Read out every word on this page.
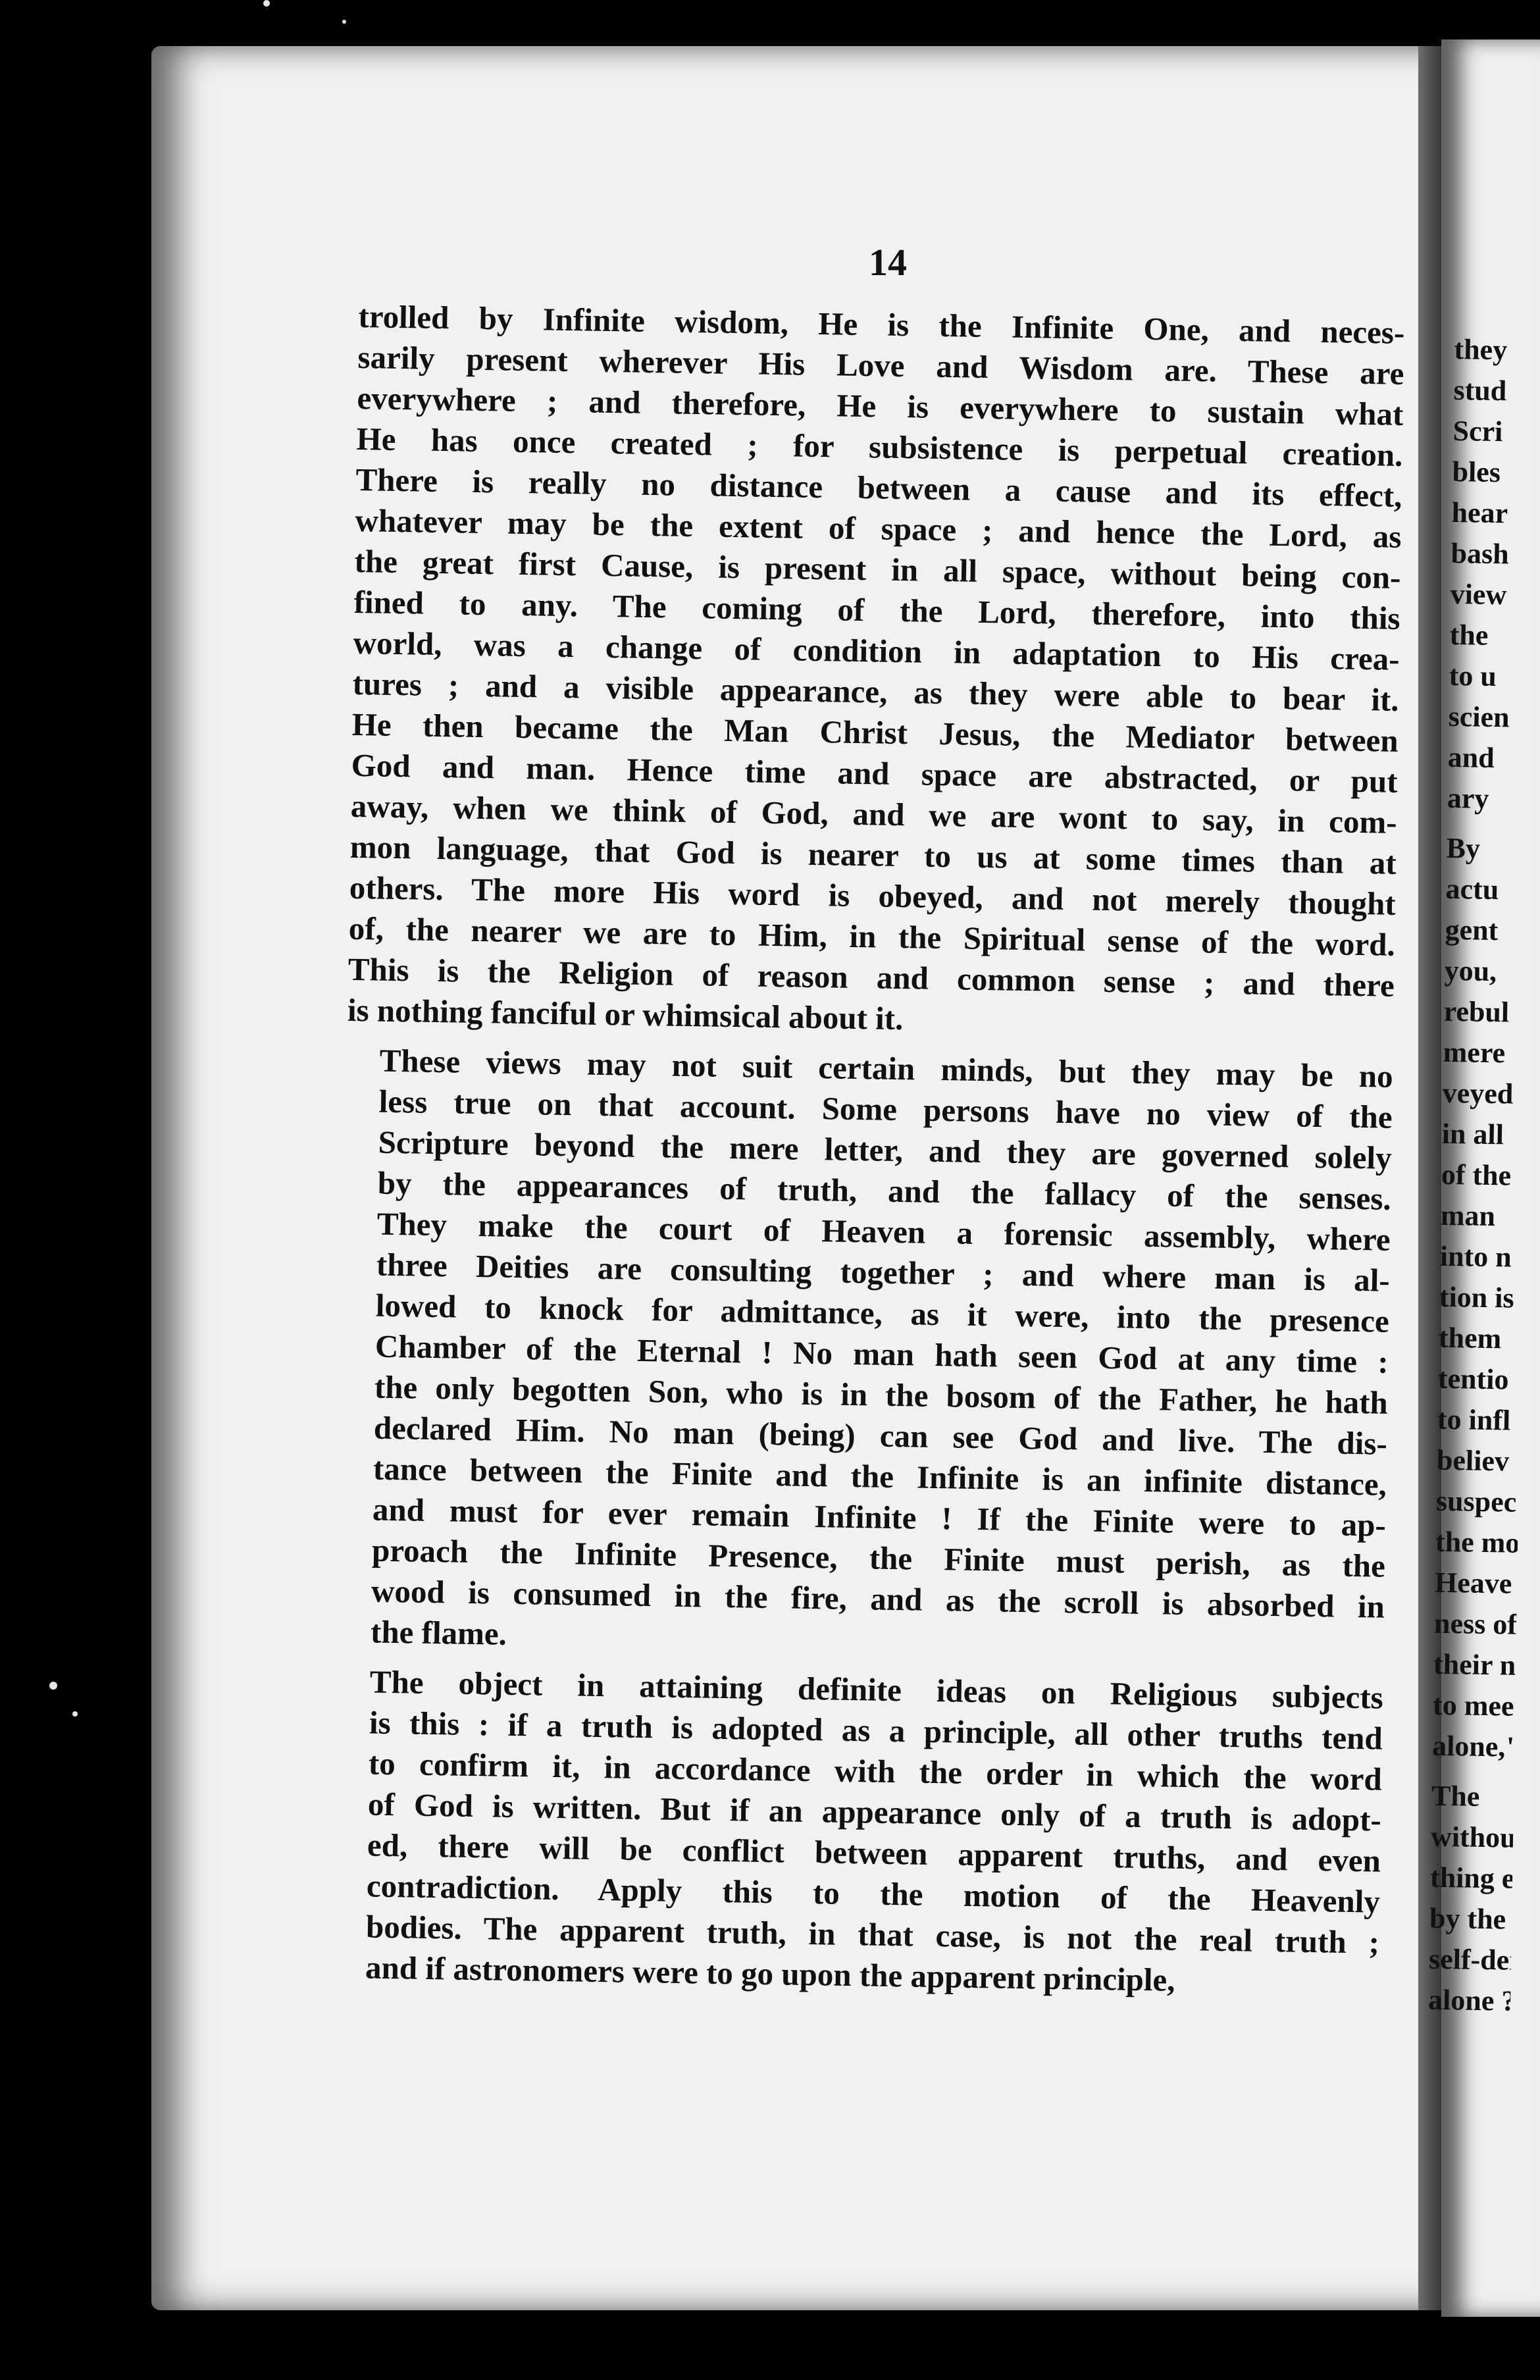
14

trolled by Infinite wisdom, He is the Infinite One, and neces-
sarily present wherever His Love and Wisdom are. These are
everywhere ; and therefore, He is everywhere to sustain what
He has once created ; for subsistence is perpetual creation.
There is really no distance between a cause and its effect,
whatever may be the extent of space ; and hence the Lord, as
the great first Cause, is present in all space, without being con-
fined to any. The coming of the Lord, therefore, into this
world, was a change of condition in adaptation to His crea-
tures ; and a visible appearance, as they were able to bear it.
He then became the Man Christ Jesus, the Mediator between
God and man. Hence time and space are abstracted, or put
away, when we think of God, and we are wont to say, in com-
mon language, that God is nearer to us at some times than at
others. The more His word is obeyed, and not merely thought
of, the nearer we are to Him, in the Spiritual sense of the word.
This is the Religion of reason and common sense ; and there
is nothing fanciful or whimsical about it.

These views may not suit certain minds, but they may be no
less true on that account. Some persons have no view of the
Scripture beyond the mere letter, and they are governed solely
by the appearances of truth, and the fallacy of the senses.
They make the court of Heaven a forensic assembly, where
three Deities are consulting together ; and where man is al-
lowed to knock for admittance, as it were, into the presence
Chamber of the Eternal ! No man hath seen God at any time :
the only begotten Son, who is in the bosom of the Father, he hath
declared Him. No man (being) can see God and live. The dis-
tance between the Finite and the Infinite is an infinite distance,
and must for ever remain Infinite ! If the Finite were to ap-
proach the Infinite Presence, the Finite must perish, as the
wood is consumed in the fire, and as the scroll is absorbed in
the flame.

The object in attaining definite ideas on Religious subjects
is this : if a truth is adopted as a principle, all other truths tend
to confirm it, in accordance with the order in which the word
of God is written. But if an appearance only of a truth is adopt-
ed, there will be conflict between apparent truths, and even
contradiction. Apply this to the motion of the Heavenly
bodies. The apparent truth, in that case, is not the real truth ;
and if astronomers were to go upon the apparent principle,

they
stud
Scri
bles
hear
bash
view
the
to u
scien
and
ary
By
actu
gent
you,
rebul
mere
veyed
in all
of the
man
into n
tion is
them
tentio
to infl
believ
suspec
the mo
Heave
ness of
their n
to mee
alone,"
The
withou
thing e
by the
self-den
alone ?"
